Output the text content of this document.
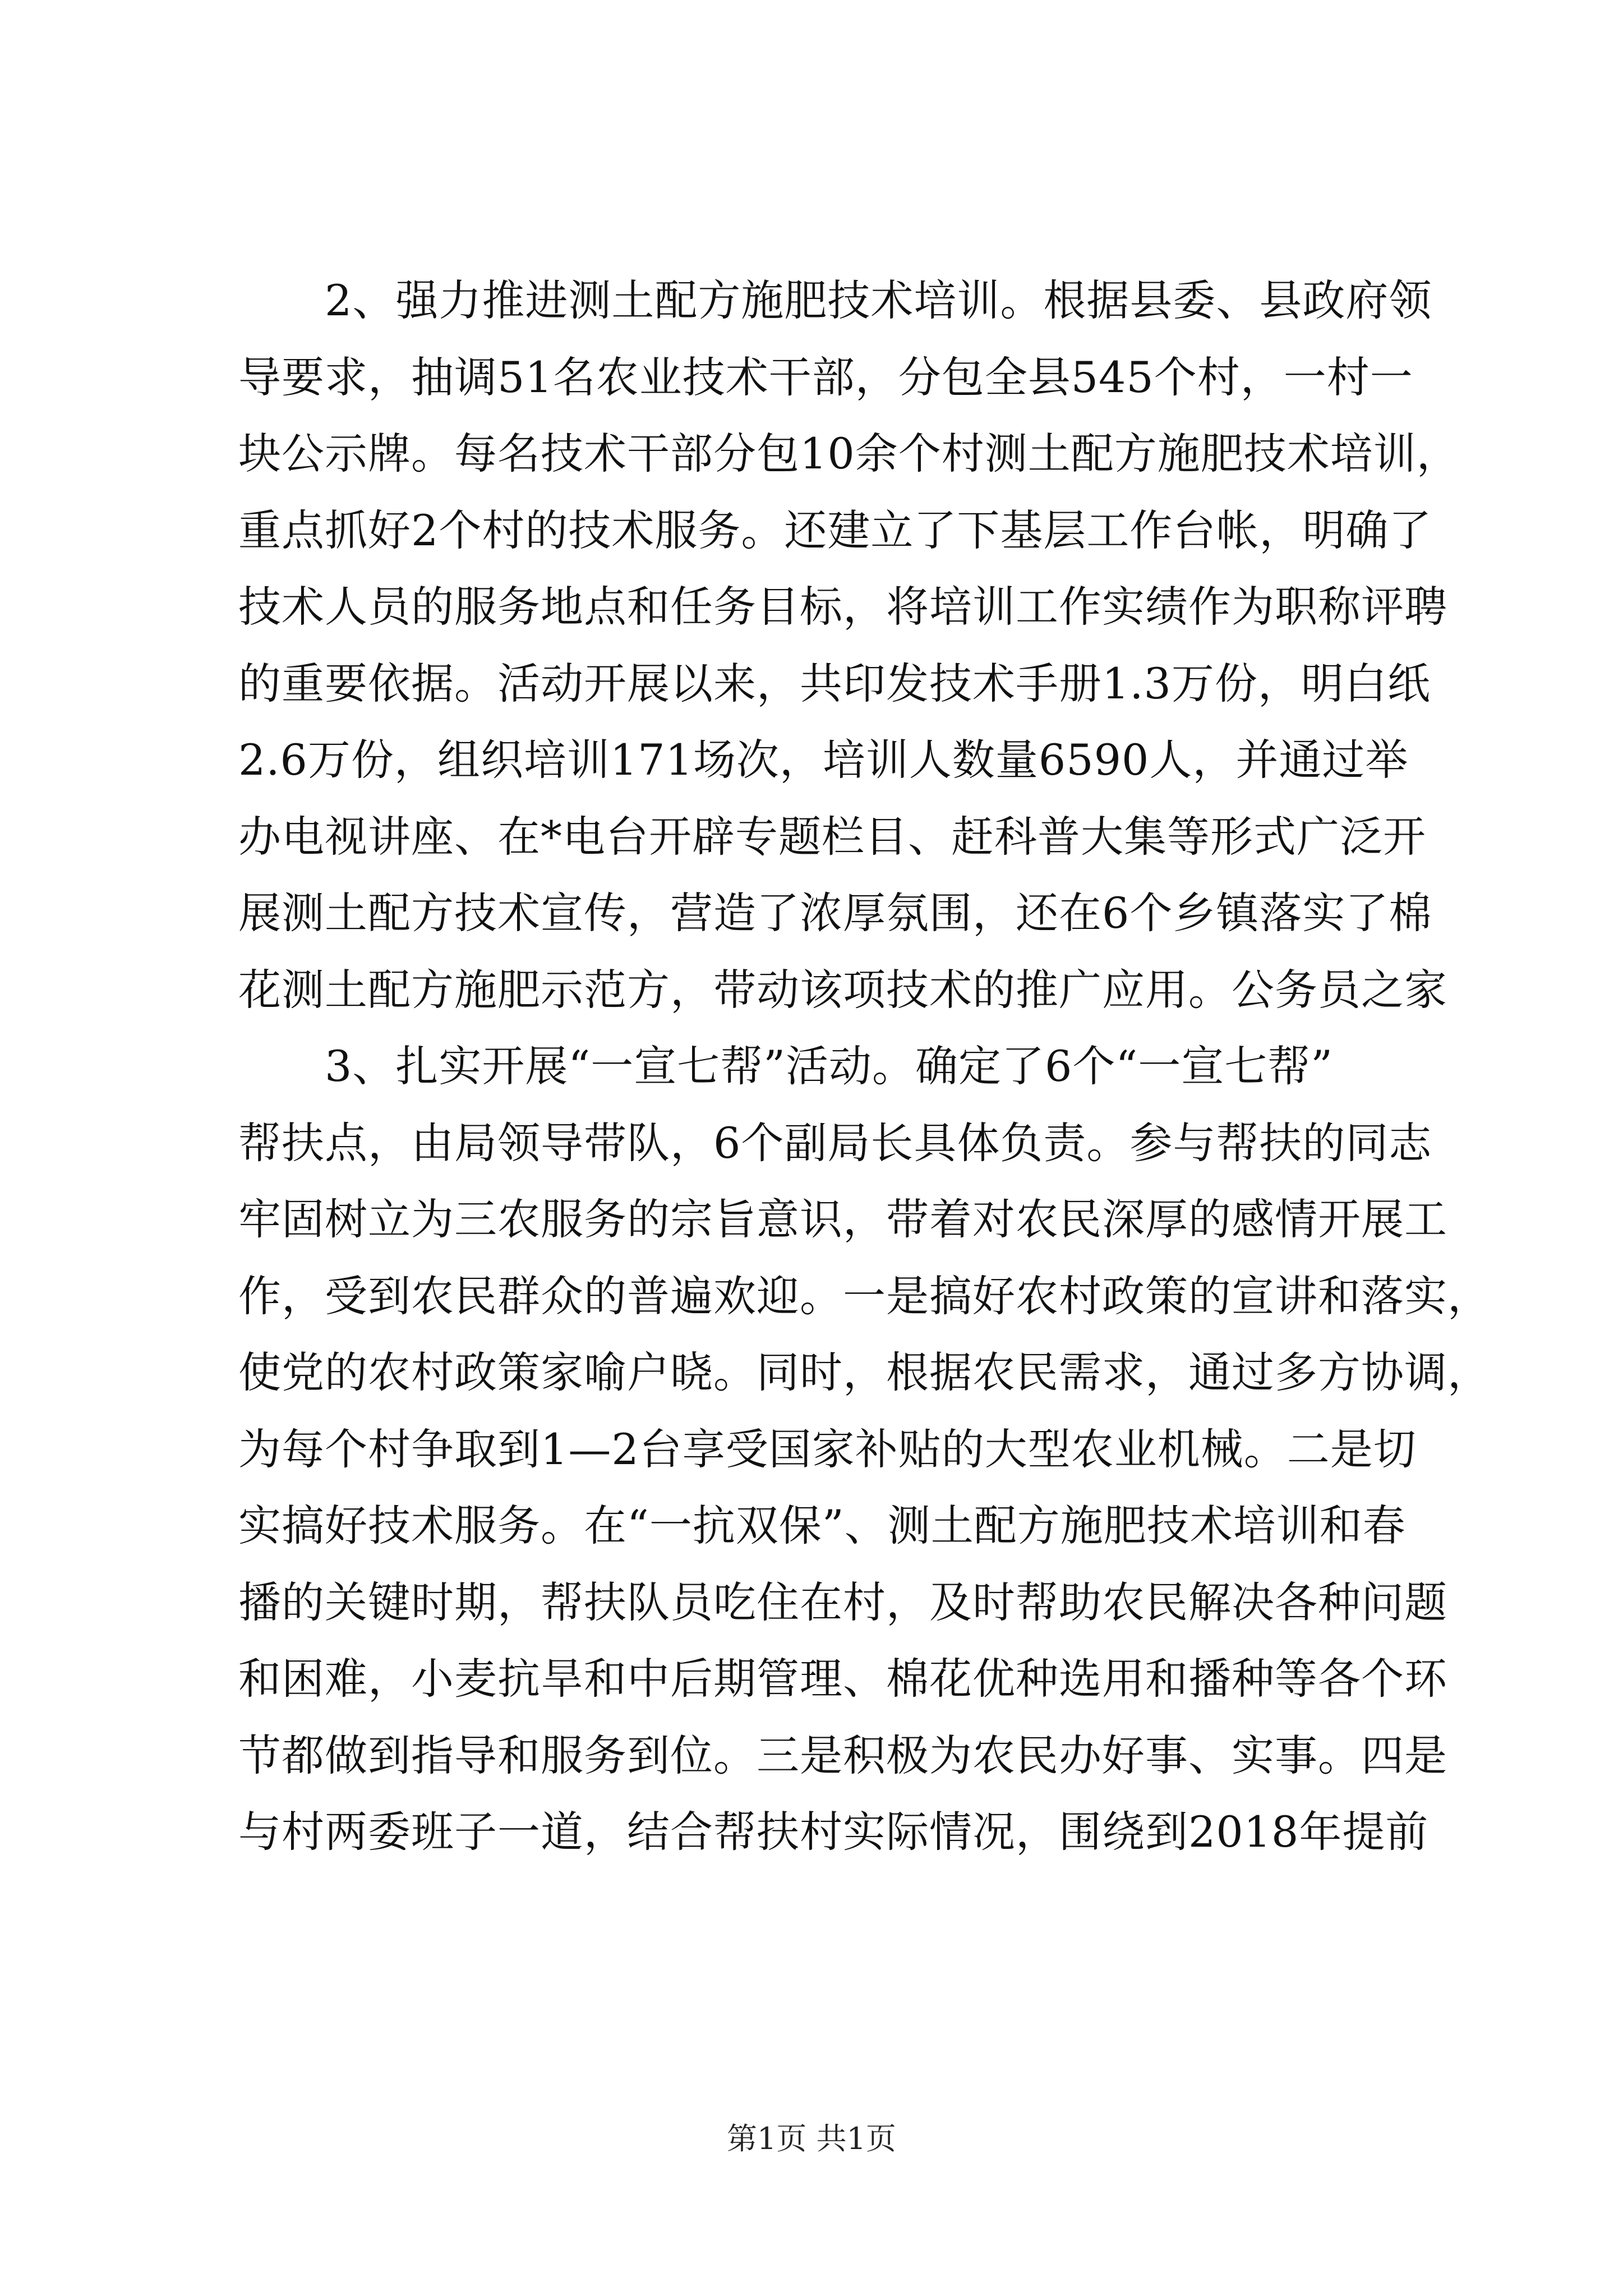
　　2、强力推进测土配方施肥技术培训。根据县委、县政府领
导要求，抽调51名农业技术干部，分包全县545个村，一村一
块公示牌。每名技术干部分包10余个村测土配方施肥技术培训，
重点抓好2个村的技术服务。还建立了下基层工作台帐，明确了
技术人员的服务地点和任务目标，将培训工作实绩作为职称评聘
的重要依据。活动开展以来，共印发技术手册1.3万份，明白纸
2.6万份，组织培训171场次，培训人数量6590人，并通过举
办电视讲座、在*电台开辟专题栏目、赶科普大集等形式广泛开
展测土配方技术宣传，营造了浓厚氛围，还在6个乡镇落实了棉
花测土配方施肥示范方，带动该项技术的推广应用。公务员之家
　　3、扎实开展“一宣七帮”活动。确定了6个“一宣七帮”
帮扶点，由局领导带队，6个副局长具体负责。参与帮扶的同志
牢固树立为三农服务的宗旨意识，带着对农民深厚的感情开展工
作，受到农民群众的普遍欢迎。一是搞好农村政策的宣讲和落实，
使党的农村政策家喻户晓。同时，根据农民需求，通过多方协调，
为每个村争取到1—2台享受国家补贴的大型农业机械。二是切
实搞好技术服务。在“一抗双保”、测土配方施肥技术培训和春
播的关键时期，帮扶队员吃住在村，及时帮助农民解决各种问题
和困难，小麦抗旱和中后期管理、棉花优种选用和播种等各个环
节都做到指导和服务到位。三是积极为农民办好事、实事。四是
与村两委班子一道，结合帮扶村实际情况，围绕到2018年提前
第1页 共1页
